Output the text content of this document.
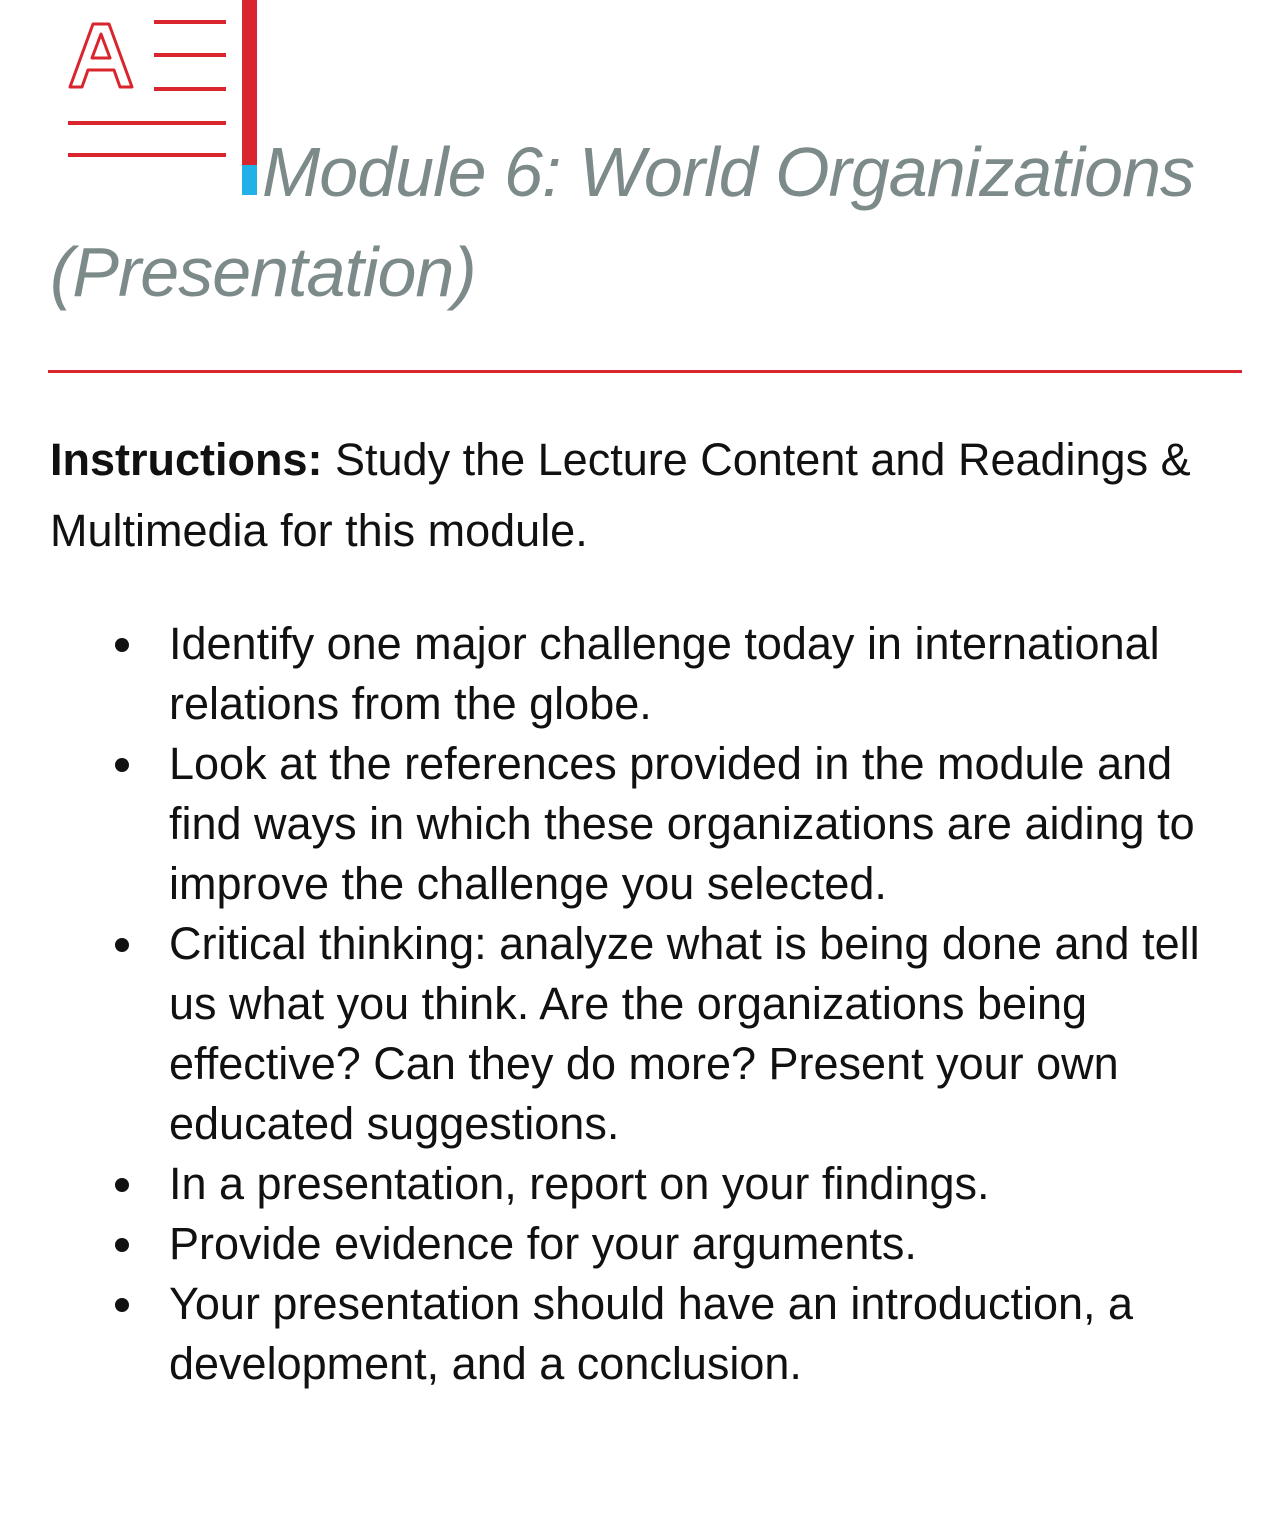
Module 6: World Organizations (Presentation)

Instructions: Study the Lecture Content and Readings & Multimedia for this module.

Identify one major challenge today in international relations from the globe.
Look at the references provided in the module and find ways in which these organizations are aiding to improve the challenge you selected.
Critical thinking: analyze what is being done and tell us what you think. Are the organizations being effective? Can they do more? Present your own educated suggestions.
In a presentation, report on your findings.
Provide evidence for your arguments.
Your presentation should have an introduction, a development, and a conclusion.
